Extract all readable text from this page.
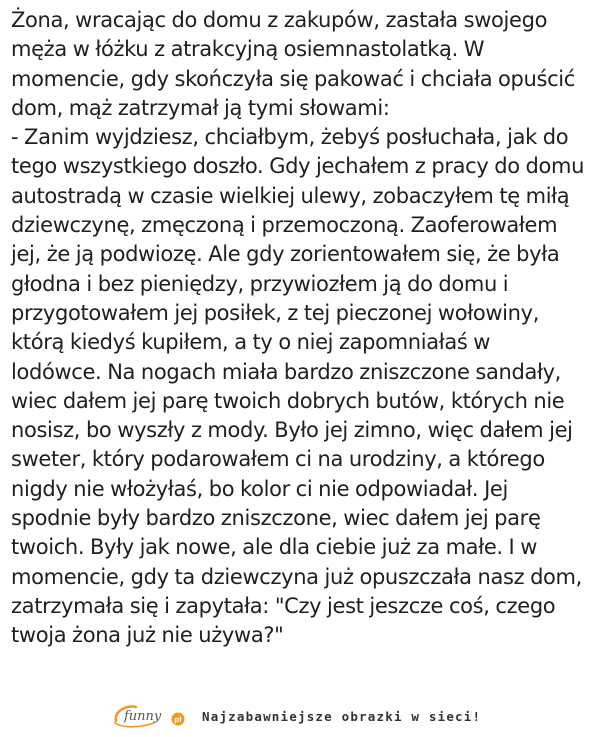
Żona, wracając do domu z zakupów, zastała swojego
męża w łóżku z atrakcyjną osiemnastolatką. W
momencie, gdy skończyła się pakować i chciała opuścić
dom, mąż zatrzymał ją tymi słowami:
- Zanim wyjdziesz, chciałbym, żebyś posłuchała, jak do
tego wszystkiego doszło. Gdy jechałem z pracy do domu
autostradą w czasie wielkiej ulewy, zobaczyłem tę miłą
dziewczynę, zmęczoną i przemoczoną. Zaoferowałem
jej, że ją podwiozę. Ale gdy zorientowałem się, że była
głodna i bez pieniędzy, przywiozłem ją do domu i
przygotowałem jej posiłek, z tej pieczonej wołowiny,
którą kiedyś kupiłem, a ty o niej zapomniałaś w
lodówce. Na nogach miała bardzo zniszczone sandały,
wiec dałem jej parę twoich dobrych butów, których nie
nosisz, bo wyszły z mody. Było jej zimno, więc dałem jej
sweter, który podarowałem ci na urodziny, a którego
nigdy nie włożyłaś, bo kolor ci nie odpowiadał. Jej
spodnie były bardzo zniszczone, wiec dałem jej parę
twoich. Były jak nowe, ale dla ciebie już za małe. I w
momencie, gdy ta dziewczyna już opuszczała nasz dom,
zatrzymała się i zapytała: "Czy jest jeszcze coś, czego
twoja żona już nie używa?"
funny pl Najzabawniejsze obrazki w sieci!
